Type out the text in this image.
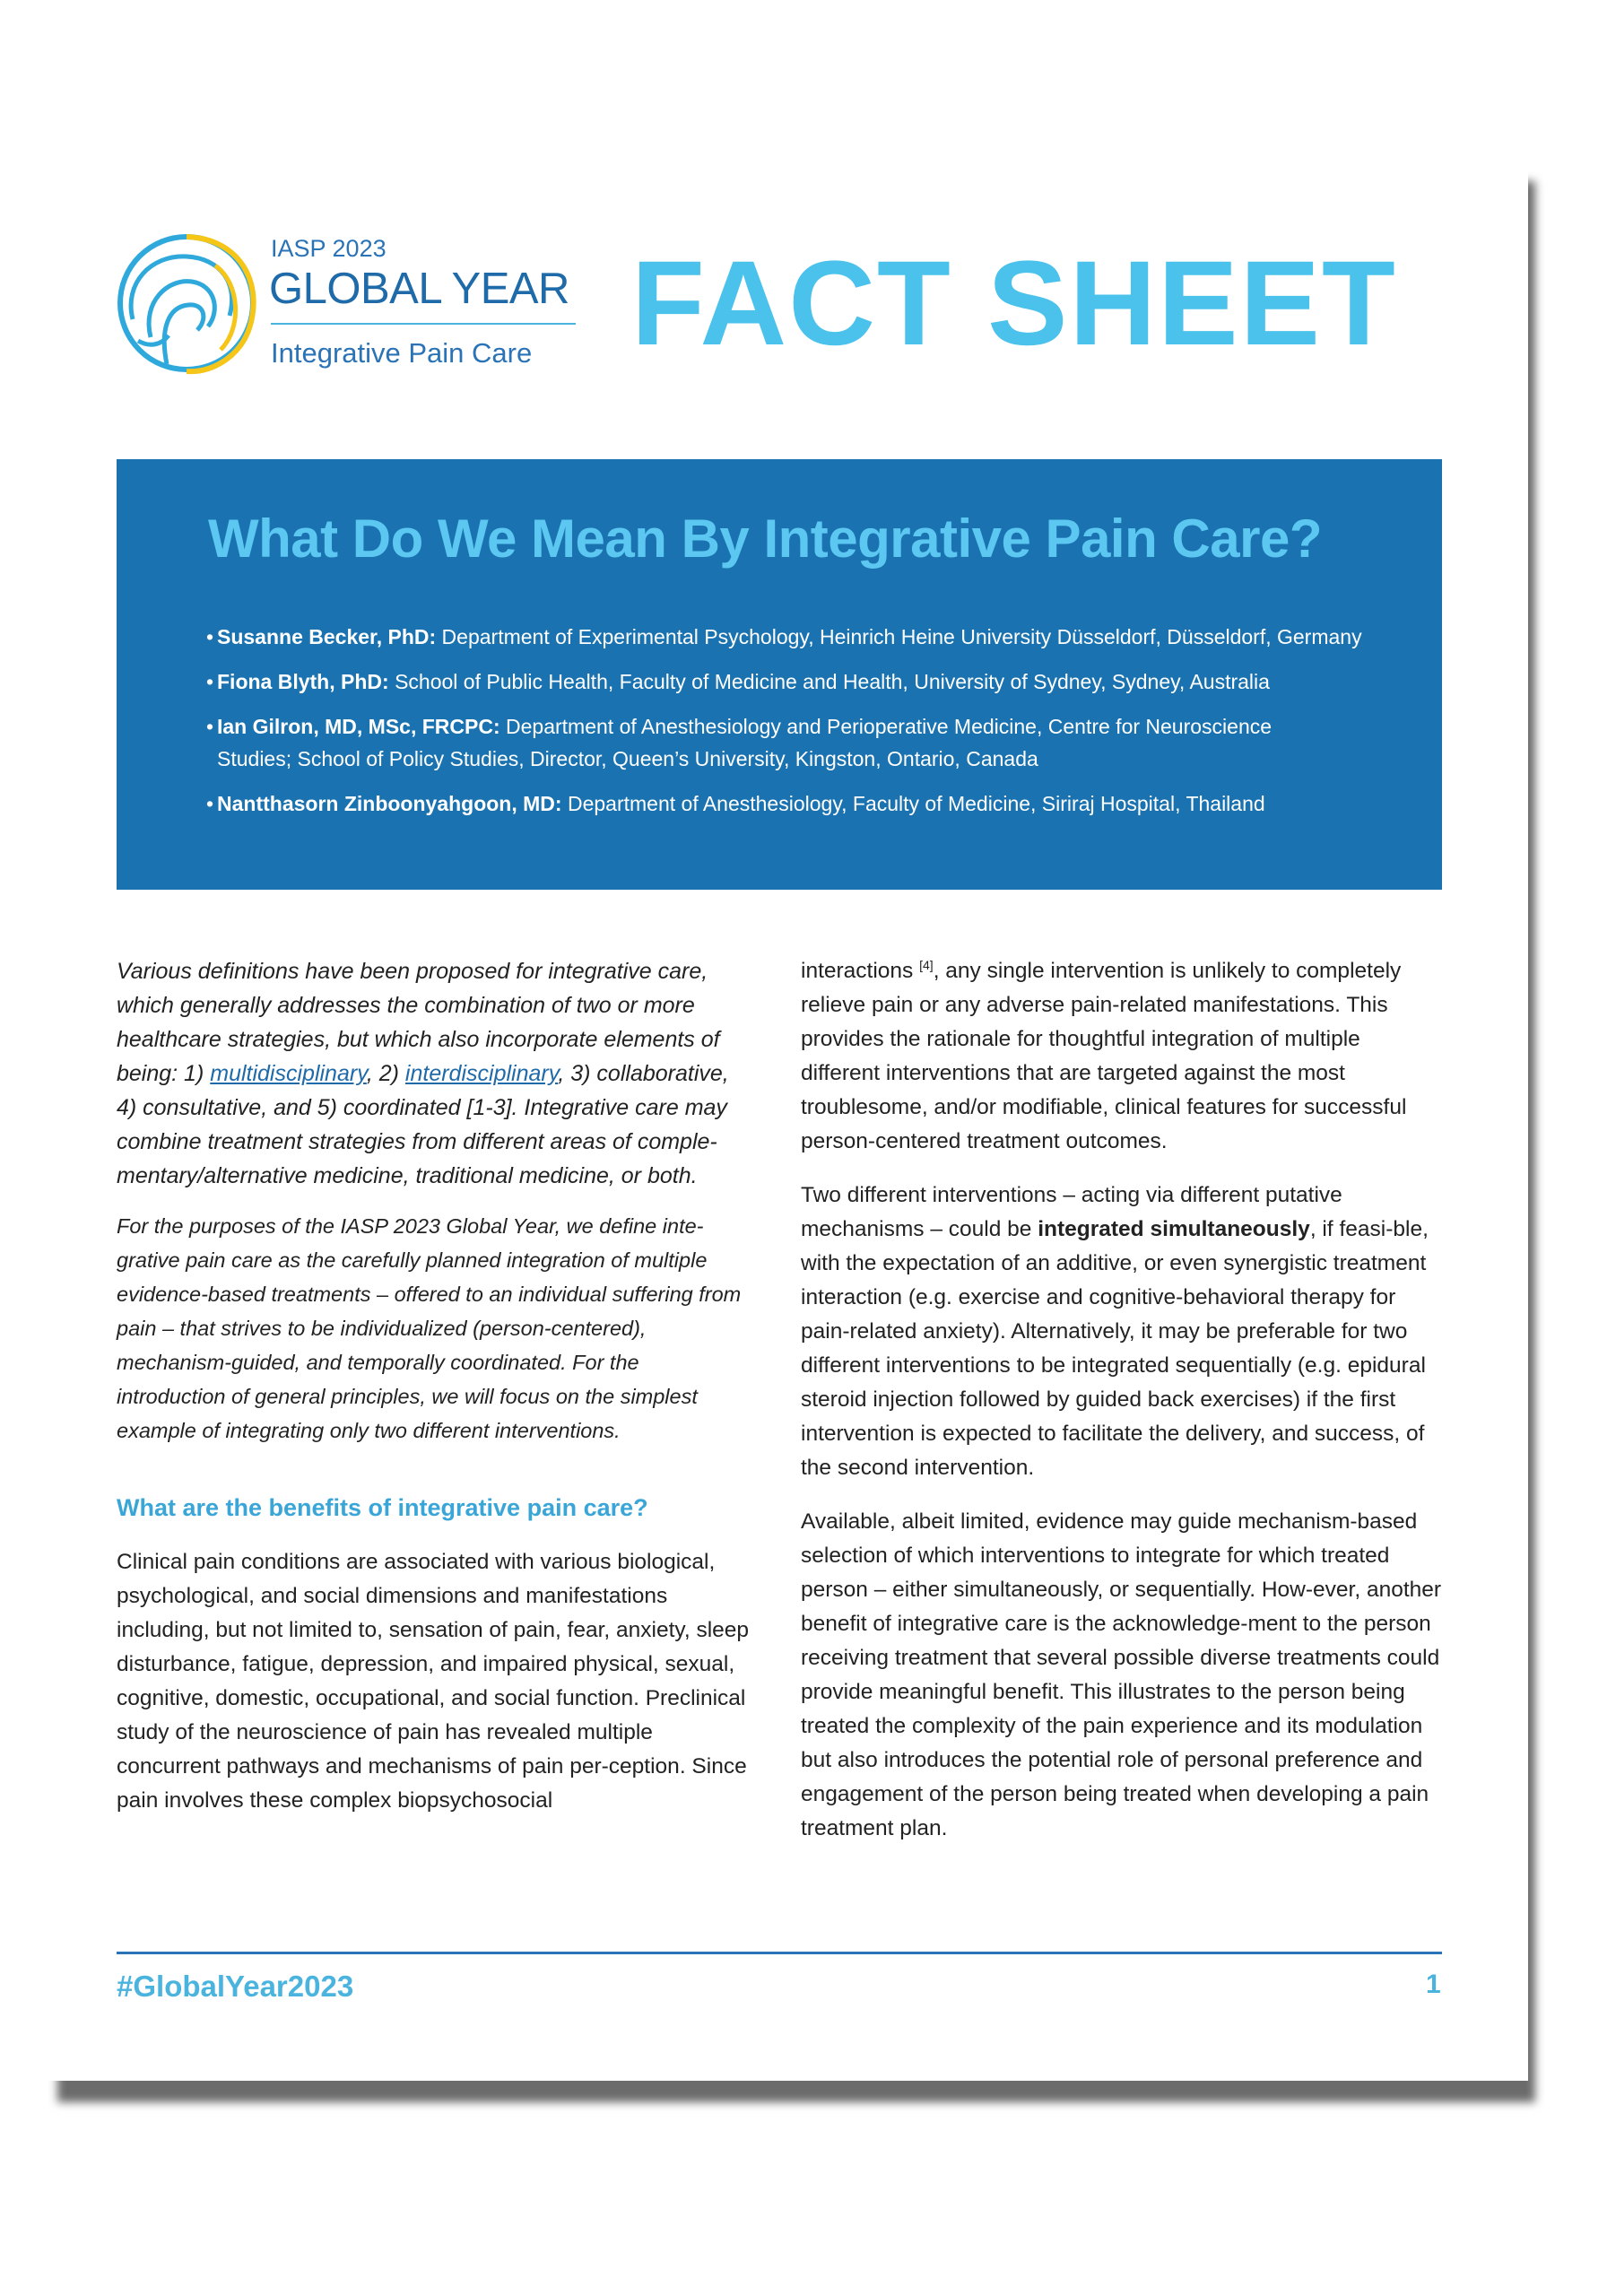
IASP 2023
GLOBAL YEAR
Integrative Pain Care FACT SHEET
What Do We Mean By Integrative Pain Care?
• Susanne Becker, PhD: Department of Experimental Psychology, Heinrich Heine University Düsseldorf, Düsseldorf, Germany
• Fiona Blyth, PhD: School of Public Health, Faculty of Medicine and Health, University of Sydney, Sydney, Australia
• Ian Gilron, MD, MSc, FRCPC: Department of Anesthesiology and Perioperative Medicine, Centre for Neuroscience Studies; School of Policy Studies, Director, Queen’s University, Kingston, Ontario, Canada
• Nantthasorn Zinboonyahgoon, MD: Department of Anesthesiology, Faculty of Medicine, Siriraj Hospital, Thailand

Various definitions have been proposed for integrative care, which generally addresses the combination of two or more healthcare strategies, but which also incorporate elements of being: 1) multidisciplinary, 2) interdisciplinary, 3) collaborative, 4) consultative, and 5) coordinated [1-3]. Integrative care may combine treatment strategies from different areas of comple-mentary/alternative medicine, traditional medicine, or both.

For the purposes of the IASP 2023 Global Year, we define inte-grative pain care as the carefully planned integration of multiple evidence-based treatments – offered to an individual suffering from pain – that strives to be individualized (person-centered), mechanism-guided, and temporally coordinated. For the introduction of general principles, we will focus on the simplest example of integrating only two different interventions.

What are the benefits of integrative pain care?

Clinical pain conditions are associated with various biological, psychological, and social dimensions and manifestations including, but not limited to, sensation of pain, fear, anxiety, sleep disturbance, fatigue, depression, and impaired physical, sexual, cognitive, domestic, occupational, and social function. Preclinical study of the neuroscience of pain has revealed multiple concurrent pathways and mechanisms of pain per-ception. Since pain involves these complex biopsychosocial

interactions [4], any single intervention is unlikely to completely relieve pain or any adverse pain-related manifestations. This provides the rationale for thoughtful integration of multiple different interventions that are targeted against the most troublesome, and/or modifiable, clinical features for successful person-centered treatment outcomes.

Two different interventions – acting via different putative mechanisms – could be integrated simultaneously, if feasi-ble, with the expectation of an additive, or even synergistic treatment interaction (e.g. exercise and cognitive-behavioral therapy for pain-related anxiety). Alternatively, it may be preferable for two different interventions to be integrated sequentially (e.g. epidural steroid injection followed by guided back exercises) if the first intervention is expected to facilitate the delivery, and success, of the second intervention.

Available, albeit limited, evidence may guide mechanism-based selection of which interventions to integrate for which treated person – either simultaneously, or sequentially. How-ever, another benefit of integrative care is the acknowledge-ment to the person receiving treatment that several possible diverse treatments could provide meaningful benefit. This illustrates to the person being treated the complexity of the pain experience and its modulation but also introduces the potential role of personal preference and engagement of the person being treated when developing a pain treatment plan.

#GlobalYear2023	1
